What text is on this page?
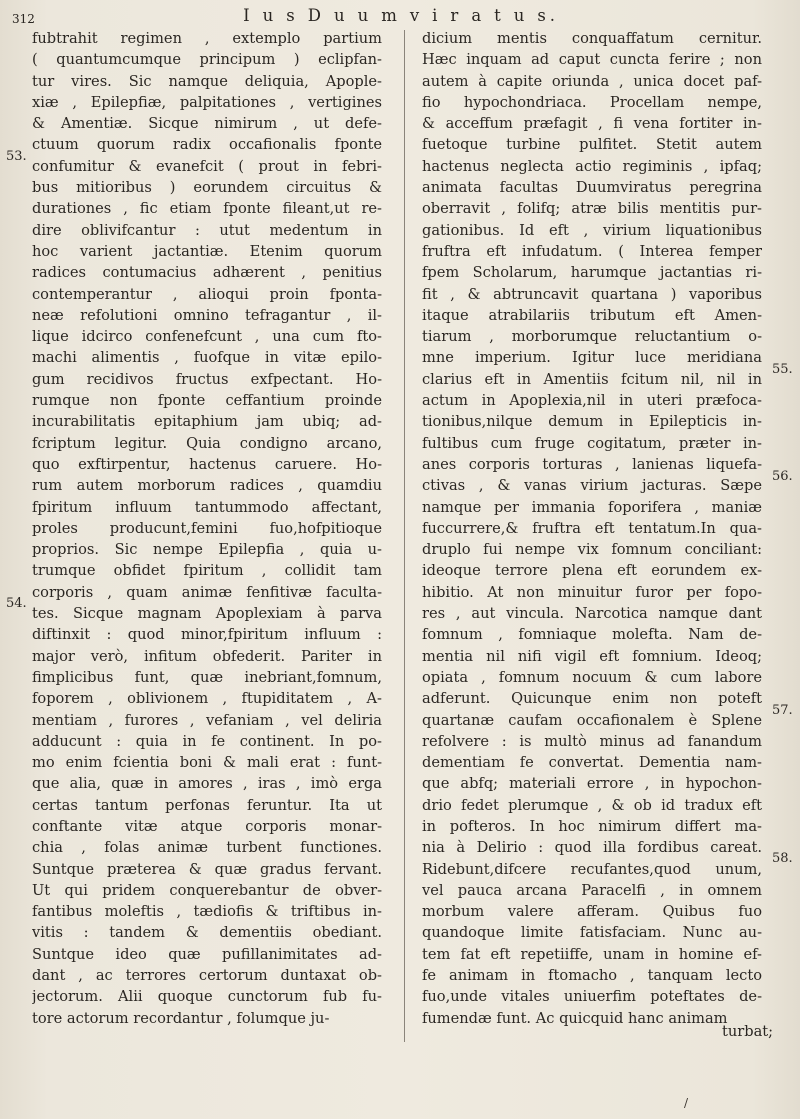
312	I u s D u u m v i r a t u s.
fubtrahit regimen , extemplo partium
( quantumcumque principum ) eclipfan-
tur vires. Sic namque deliquia, Apople-
xiæ , Epilepfiæ, palpitationes , vertigines
& Amentiæ. Sicque nimirum , ut defe-
ctuum quorum radix occafionalis fponte
confumitur & evanefcit ( prout in febri-
bus mitioribus ) eorundem circuitus &
durationes , fic etiam fponte fileant,ut re-
dire oblivifcantur : utut medentum in
hoc varient jactantiæ. Etenim quorum
radices contumacius adhærent , penitius
contemperantur , alioqui proin fponta-
neæ refolutioni omnino tefragantur , il-
lique idcirco confenefcunt , una cum fto-
machi alimentis , fuofque in vitæ epilo-
gum recidivos fructus exfpectant. Ho-
rumque non fponte ceffantium proinde
incurabilitatis epitaphium jam ubiq; ad-
fcriptum legitur. Quia condigno arcano,
quo exftirpentur, hactenus caruere. Ho-
rum autem morborum radices , quamdiu
fpiritum influum tantummodo affectant,
proles producunt,femini fuo,hofpitioque
proprios. Sic nempe Epilepfia , quia u-
trumque obfidet fpiritum , collidit tam
corporis , quam animæ fenfitivæ faculta-
tes. Sicque magnam Apoplexiam à parva
diftinxit : quod minor,fpiritum influum :
major verò, infitum obfederit. Pariter in
fimplicibus funt, quæ inebriant,fomnum,
foporem , oblivionem , ftupiditatem , A-
mentiam , furores , vefaniam , vel deliria
adducunt : quia in fe continent. In po-
mo enim fcientia boni & mali erat : funt-
que alia, quæ in amores , iras , imò erga
certas tantum perfonas feruntur. Ita ut
conftante vitæ atque corporis monar-
chia , folas animæ turbent functiones.
Suntque præterea & quæ gradus fervant.
Ut qui pridem conquerebantur de obver-
fantibus moleftis , tædiofis & triftibus in-
vitis : tandem & dementiis obediant.
Suntque ideo quæ pufillanimitates ad-
dant , ac terrores certorum duntaxat ob-
jectorum. Alii quoque cunctorum fub fu-
tore actorum recordantur , folumque ju-
dicium mentis conquaffatum cernitur.
Hæc inquam ad caput cuncta ferire ; non
autem à capite oriunda , unica docet paf-
fio hypochondriaca. Procellam nempe,
& acceffum præfagit , fi vena fortiter in-
fuetoque turbine pulfitet. Stetit autem
hactenus neglecta actio regiminis , ipfaq;
animata facultas Duumviratus peregrina
oberravit , folifq; atræ bilis mentitis pur-
gationibus. Id eft , virium liquationibus
fruftra eft infudatum. ( Interea femper
fpem Scholarum, harumque jactantias ri-
fit , & abtruncavit quartana ) vaporibus
itaque atrabilariis tributum eft Amen-
tiarum , morborumque reluctantium o-
mne imperium. Igitur luce meridiana
clarius eft in Amentiis fcitum nil, nil in
actum in Apoplexia,nil in uteri præfoca-
tionibus,nilque demum in Epilepticis in-
fultibus cum fruge cogitatum, præter in-
anes corporis torturas , lanienas liquefa-
ctivas , & vanas virium jacturas. Sæpe
namque per immania foporifera , maniæ
fuccurrere,& fruftra eft tentatum.In qua-
druplo fui nempe vix fomnum conciliant:
ideoque terrore plena eft eorundem ex-
hibitio. At non minuitur furor per fopo-
res , aut vincula. Narcotica namque dant
fomnum , fomniaque molefta. Nam de-
mentia nil nifi vigil eft fomnium. Ideoq;
opiata , fomnum nocuum & cum labore
adferunt. Quicunque enim non poteft
quartanæ caufam occafionalem è Splene
refolvere : is multò minus ad fanandum
dementiam fe convertat. Dementia nam-
que abfq; materiali errore , in hypochon-
drio fedet plerumque , & ob id tradux eft
in pofteros. In hoc nimirum differt ma-
nia à Delirio : quod illa fordibus careat.
Ridebunt,difcere recufantes,quod unum,
vel pauca arcana Paracelfi , in omnem
morbum valere afferam. Quibus fuo
quandoque limite fatisfaciam. Nunc au-
tem fat eft repetiiffe, unam in homine ef-
fe animam in ftomacho , tanquam lecto
fuo,unde vitales uniuerfim poteftates de-
fumendæ funt. Ac quicquid hanc animam
53.
54.
55.
56.
57.
58.
turbat;
/
